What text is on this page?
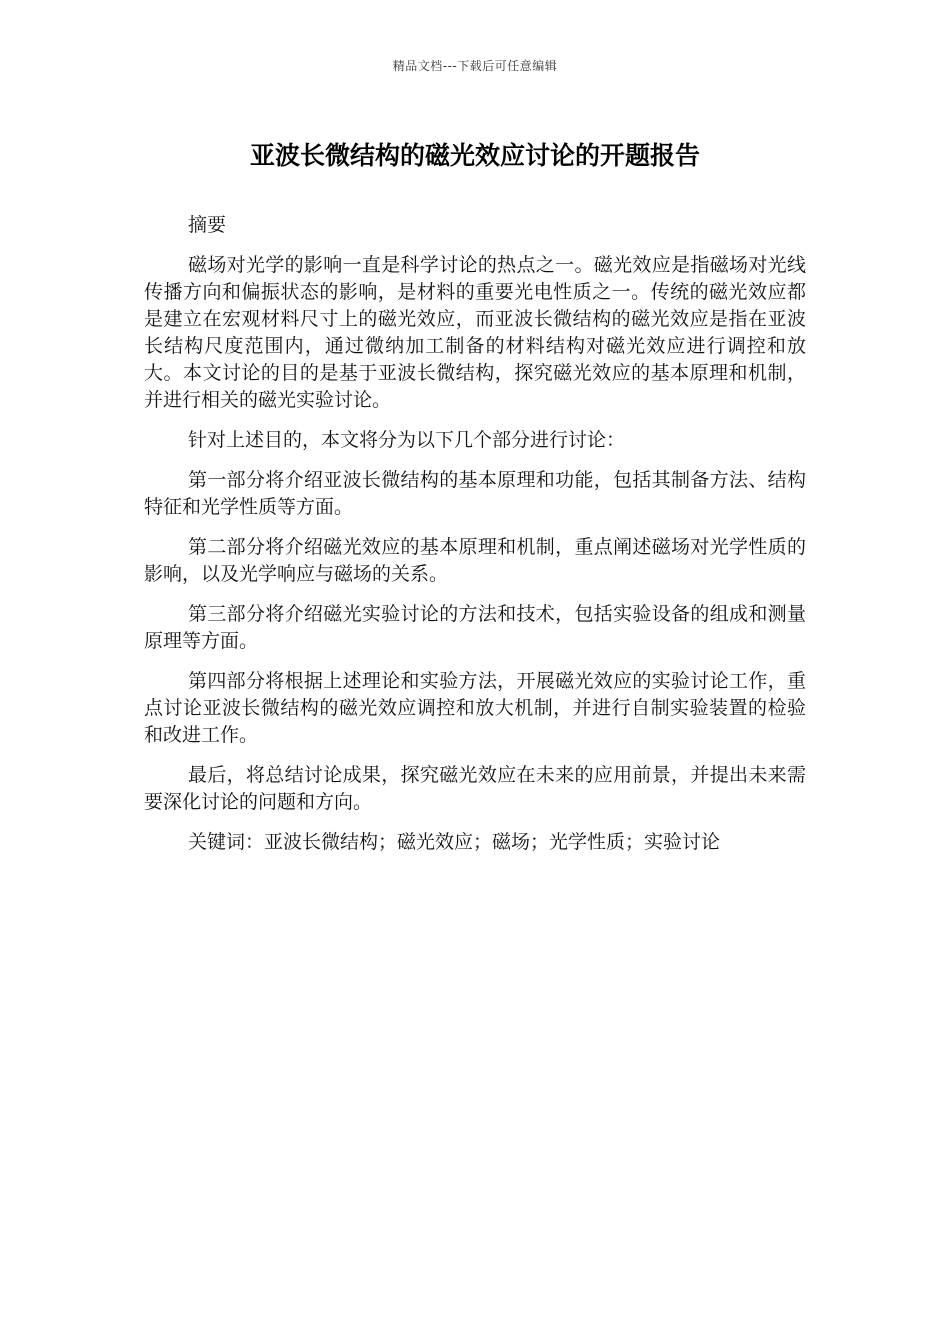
精品文档---下载后可任意编辑
亚波长微结构的磁光效应讨论的开题报告

摘要

磁场对光学的影响一直是科学讨论的热点之一。磁光效应是指磁场对光线传播方向和偏振状态的影响，是材料的重要光电性质之一。传统的磁光效应都是建立在宏观材料尺寸上的磁光效应，而亚波长微结构的磁光效应是指在亚波长结构尺度范围内，通过微纳加工制备的材料结构对磁光效应进行调控和放大。本文讨论的目的是基于亚波长微结构，探究磁光效应的基本原理和机制，并进行相关的磁光实验讨论。

针对上述目的，本文将分为以下几个部分进行讨论：

第一部分将介绍亚波长微结构的基本原理和功能，包括其制备方法、结构特征和光学性质等方面。

第二部分将介绍磁光效应的基本原理和机制，重点阐述磁场对光学性质的影响，以及光学响应与磁场的关系。

第三部分将介绍磁光实验讨论的方法和技术，包括实验设备的组成和测量原理等方面。

第四部分将根据上述理论和实验方法，开展磁光效应的实验讨论工作，重点讨论亚波长微结构的磁光效应调控和放大机制，并进行自制实验装置的检验和改进工作。

最后，将总结讨论成果，探究磁光效应在未来的应用前景，并提出未来需要深化讨论的问题和方向。

关键词：亚波长微结构；磁光效应；磁场；光学性质；实验讨论
